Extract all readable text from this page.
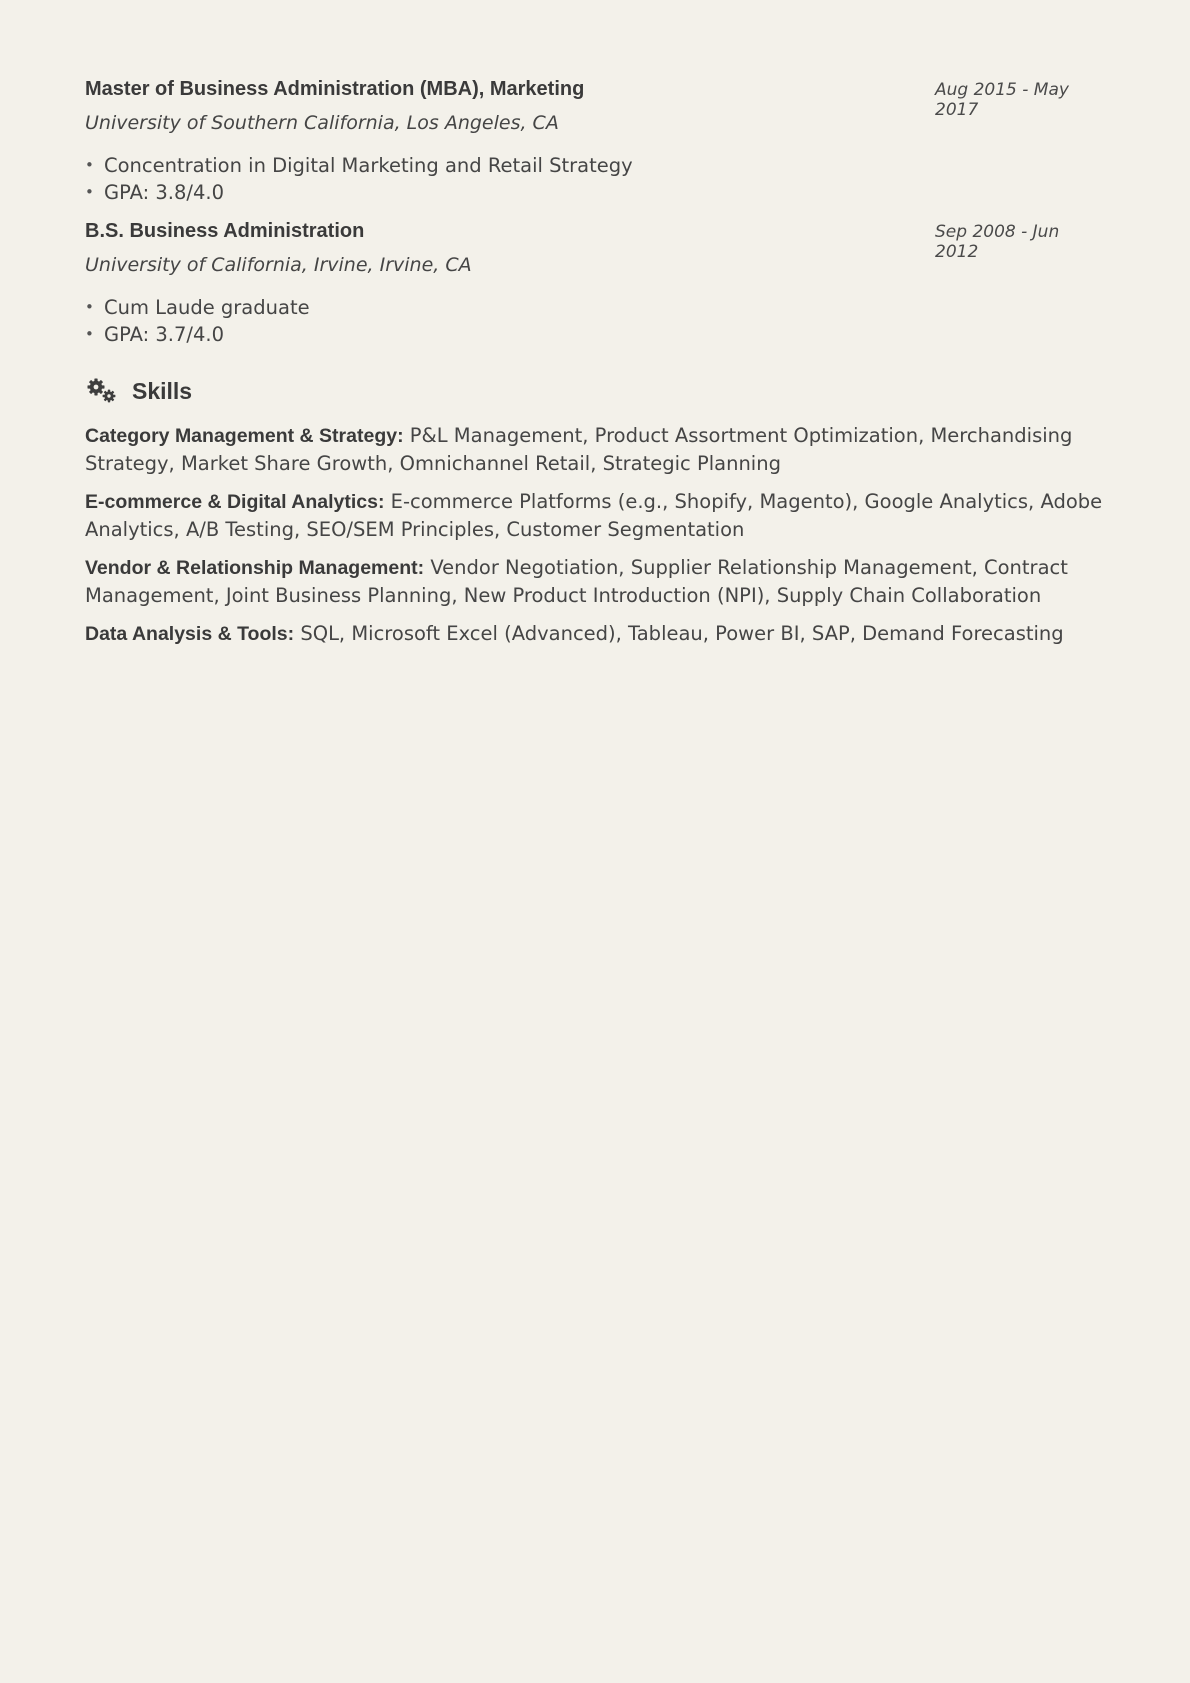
Master of Business Administration (MBA), Marketing	Aug 2015 - May 2017
University of Southern California, Los Angeles, CA
• Concentration in Digital Marketing and Retail Strategy
• GPA: 3.8/4.0
B.S. Business Administration	Sep 2008 - Jun 2012
University of California, Irvine, Irvine, CA
• Cum Laude graduate
• GPA: 3.7/4.0
Skills
Category Management & Strategy: P&L Management, Product Assortment Optimization, Merchandising Strategy, Market Share Growth, Omnichannel Retail, Strategic Planning
E-commerce & Digital Analytics: E-commerce Platforms (e.g., Shopify, Magento), Google Analytics, Adobe Analytics, A/B Testing, SEO/SEM Principles, Customer Segmentation
Vendor & Relationship Management: Vendor Negotiation, Supplier Relationship Management, Contract Management, Joint Business Planning, New Product Introduction (NPI), Supply Chain Collaboration
Data Analysis & Tools: SQL, Microsoft Excel (Advanced), Tableau, Power BI, SAP, Demand Forecasting
